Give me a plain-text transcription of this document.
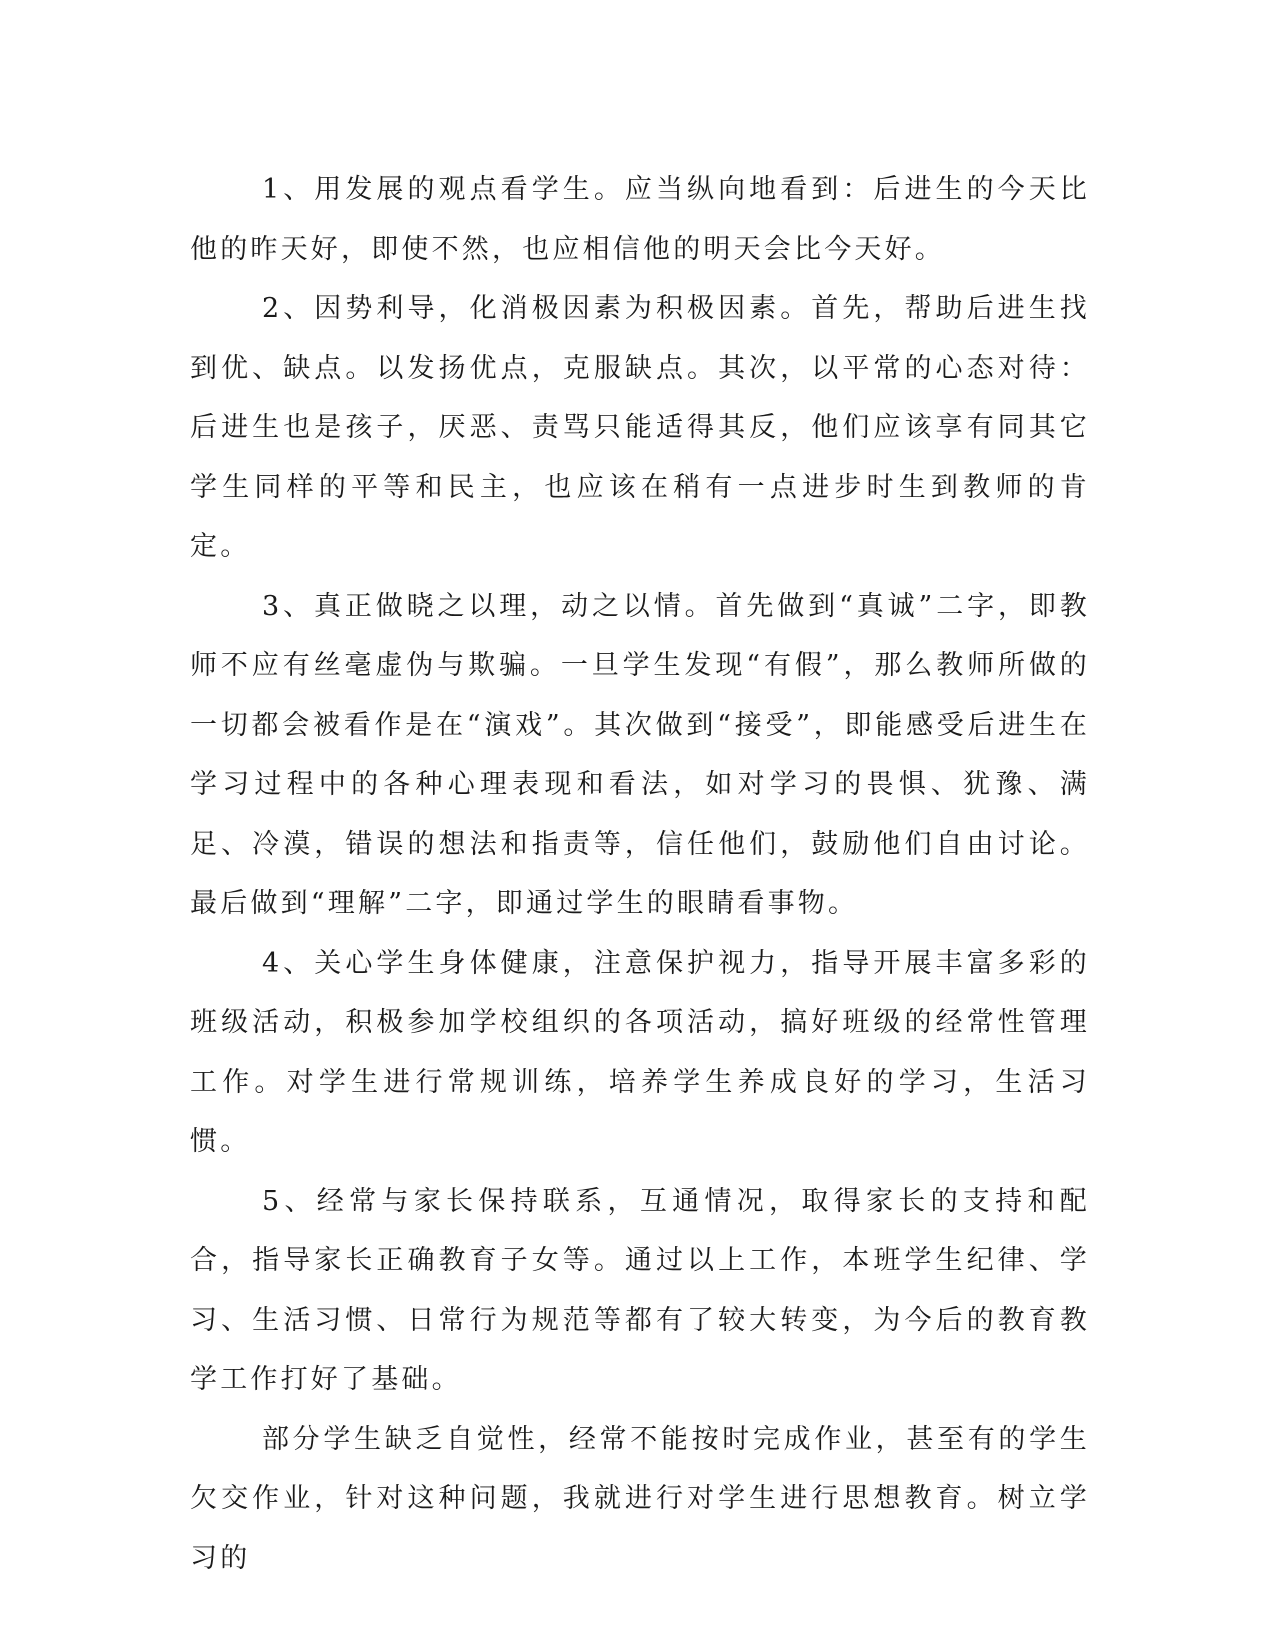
1、用发展的观点看学生。应当纵向地看到：后进生的今天比他的昨天好，即使不然，也应相信他的明天会比今天好。

2、因势利导，化消极因素为积极因素。首先，帮助后进生找到优、缺点。以发扬优点，克服缺点。其次，以平常的心态对待：后进生也是孩子，厌恶、责骂只能适得其反，他们应该享有同其它学生同样的平等和民主，也应该在稍有一点进步时生到教师的肯定。

3、真正做晓之以理，动之以情。首先做到“真诚”二字，即教师不应有丝毫虚伪与欺骗。一旦学生发现“有假”，那么教师所做的一切都会被看作是在“演戏”。其次做到“接受”，即能感受后进生在学习过程中的各种心理表现和看法，如对学习的畏惧、犹豫、满足、冷漠，错误的想法和指责等，信任他们，鼓励他们自由讨论。最后做到“理解”二字，即通过学生的眼睛看事物。

4、关心学生身体健康，注意保护视力，指导开展丰富多彩的班级活动，积极参加学校组织的各项活动，搞好班级的经常性管理工作。对学生进行常规训练，培养学生养成良好的学习，生活习惯。

5、经常与家长保持联系，互通情况，取得家长的支持和配合，指导家长正确教育子女等。通过以上工作，本班学生纪律、学习、生活习惯、日常行为规范等都有了较大转变，为今后的教育教学工作打好了基础。

部分学生缺乏自觉性，经常不能按时完成作业，甚至有的学生欠交作业，针对这种问题，我就进行对学生进行思想教育。树立学习的
